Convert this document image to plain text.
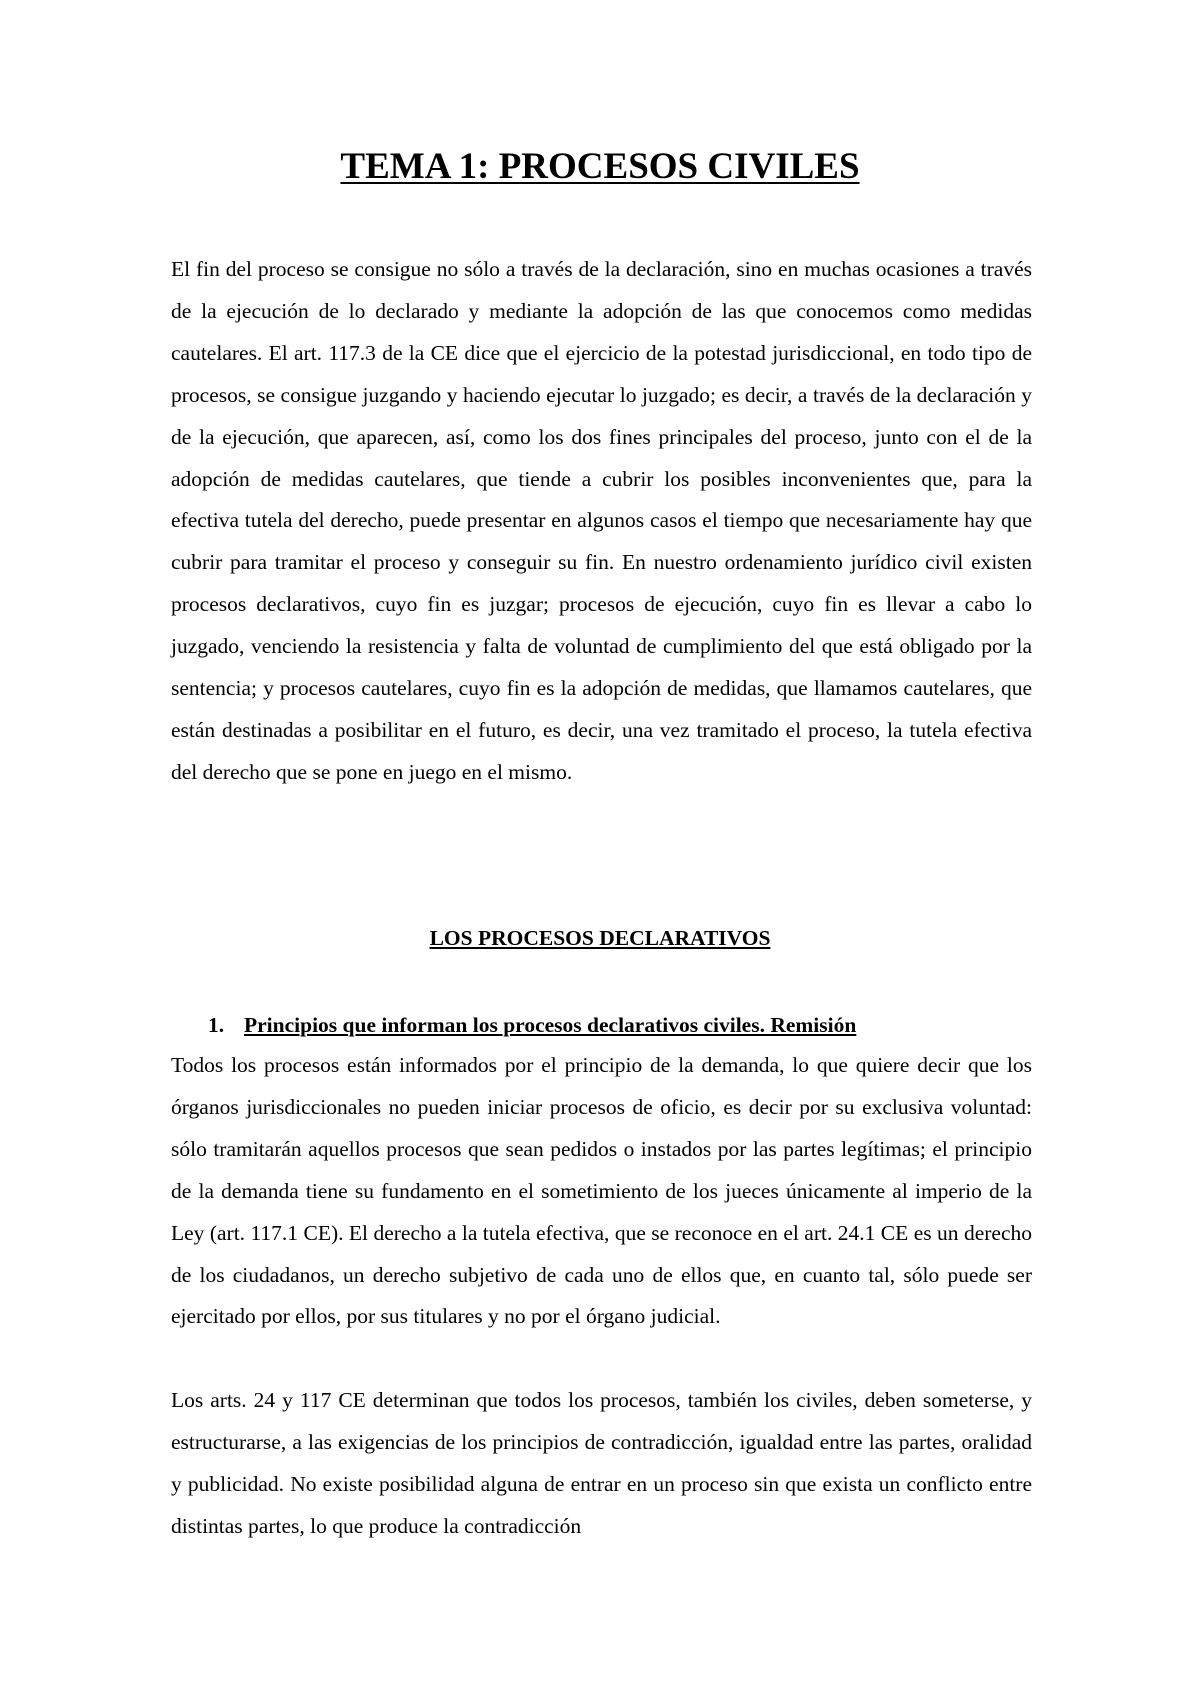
TEMA 1: PROCESOS CIVILES

El fin del proceso se consigue no sólo a través de la declaración, sino en muchas ocasiones a través de la ejecución de lo declarado y mediante la adopción de las que conocemos como medidas cautelares. El art. 117.3 de la CE dice que el ejercicio de la potestad jurisdiccional, en todo tipo de procesos, se consigue juzgando y haciendo ejecutar lo juzgado; es decir, a través de la declaración y de la ejecución, que aparecen, así, como los dos fines principales del proceso, junto con el de la adopción de medidas cautelares, que tiende a cubrir los posibles inconvenientes que, para la efectiva tutela del derecho, puede presentar en algunos casos el tiempo que necesariamente hay que cubrir para tramitar el proceso y conseguir su fin. En nuestro ordenamiento jurídico civil existen procesos declarativos, cuyo fin es juzgar; procesos de ejecución, cuyo fin es llevar a cabo lo juzgado, venciendo la resistencia y falta de voluntad de cumplimiento del que está obligado por la sentencia; y procesos cautelares, cuyo fin es la adopción de medidas, que llamamos cautelares, que están destinadas a posibilitar en el futuro, es decir, una vez tramitado el proceso, la tutela efectiva del derecho que se pone en juego en el mismo.

LOS PROCESOS DECLARATIVOS
1. Principios que informan los procesos declarativos civiles. Remisión

Todos los procesos están informados por el principio de la demanda, lo que quiere decir que los órganos jurisdiccionales no pueden iniciar procesos de oficio, es decir por su exclusiva voluntad: sólo tramitarán aquellos procesos que sean pedidos o instados por las partes legítimas; el principio de la demanda tiene su fundamento en el sometimiento de los jueces únicamente al imperio de la Ley (art. 117.1 CE). El derecho a la tutela efectiva, que se reconoce en el art. 24.1 CE es un derecho de los ciudadanos, un derecho subjetivo de cada uno de ellos que, en cuanto tal, sólo puede ser ejercitado por ellos, por sus titulares y no por el órgano judicial.

Los arts. 24 y 117 CE determinan que todos los procesos, también los civiles, deben someterse, y estructurarse, a las exigencias de los principios de contradicción, igualdad entre las partes, oralidad y publicidad. No existe posibilidad alguna de entrar en un proceso sin que exista un conflicto entre distintas partes, lo que produce la contradicción
